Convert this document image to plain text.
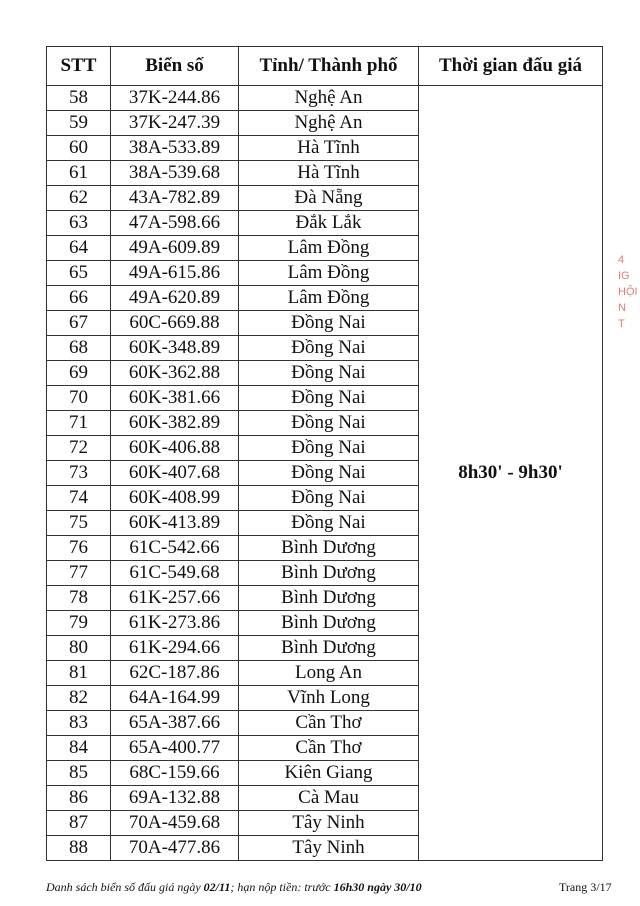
STT	Biển số	Tỉnh/ Thành phố	Thời gian đấu giá
58	37K-244.86	Nghệ An	8h30' - 9h30'
59	37K-247.39	Nghệ An	
60	38A-533.89	Hà Tĩnh	
61	38A-539.68	Hà Tĩnh	
62	43A-782.89	Đà Nẵng	
63	47A-598.66	Đắk Lắk	
64	49A-609.89	Lâm Đồng	
65	49A-615.86	Lâm Đồng	
66	49A-620.89	Lâm Đồng	
67	60C-669.88	Đồng Nai	
68	60K-348.89	Đồng Nai	
69	60K-362.88	Đồng Nai	
70	60K-381.66	Đồng Nai	
71	60K-382.89	Đồng Nai	
72	60K-406.88	Đồng Nai	
73	60K-407.68	Đồng Nai	
74	60K-408.99	Đồng Nai	
75	60K-413.89	Đồng Nai	
76	61C-542.66	Bình Dương	
77	61C-549.68	Bình Dương	
78	61K-257.66	Bình Dương	
79	61K-273.86	Bình Dương	
80	61K-294.66	Bình Dương	
81	62C-187.86	Long An	
82	64A-164.99	Vĩnh Long	
83	65A-387.66	Cần Thơ	
84	65A-400.77	Cần Thơ	
85	68C-159.66	Kiên Giang	
86	69A-132.88	Cà Mau	
87	70A-459.68	Tây Ninh	
88	70A-477.86	Tây Ninh	
Danh sách biển số đấu giá ngày 02/11; hạn nộp tiền: trước 16h30 ngày 30/10	Trang 3/17
4
IG
HỘI
N
T
